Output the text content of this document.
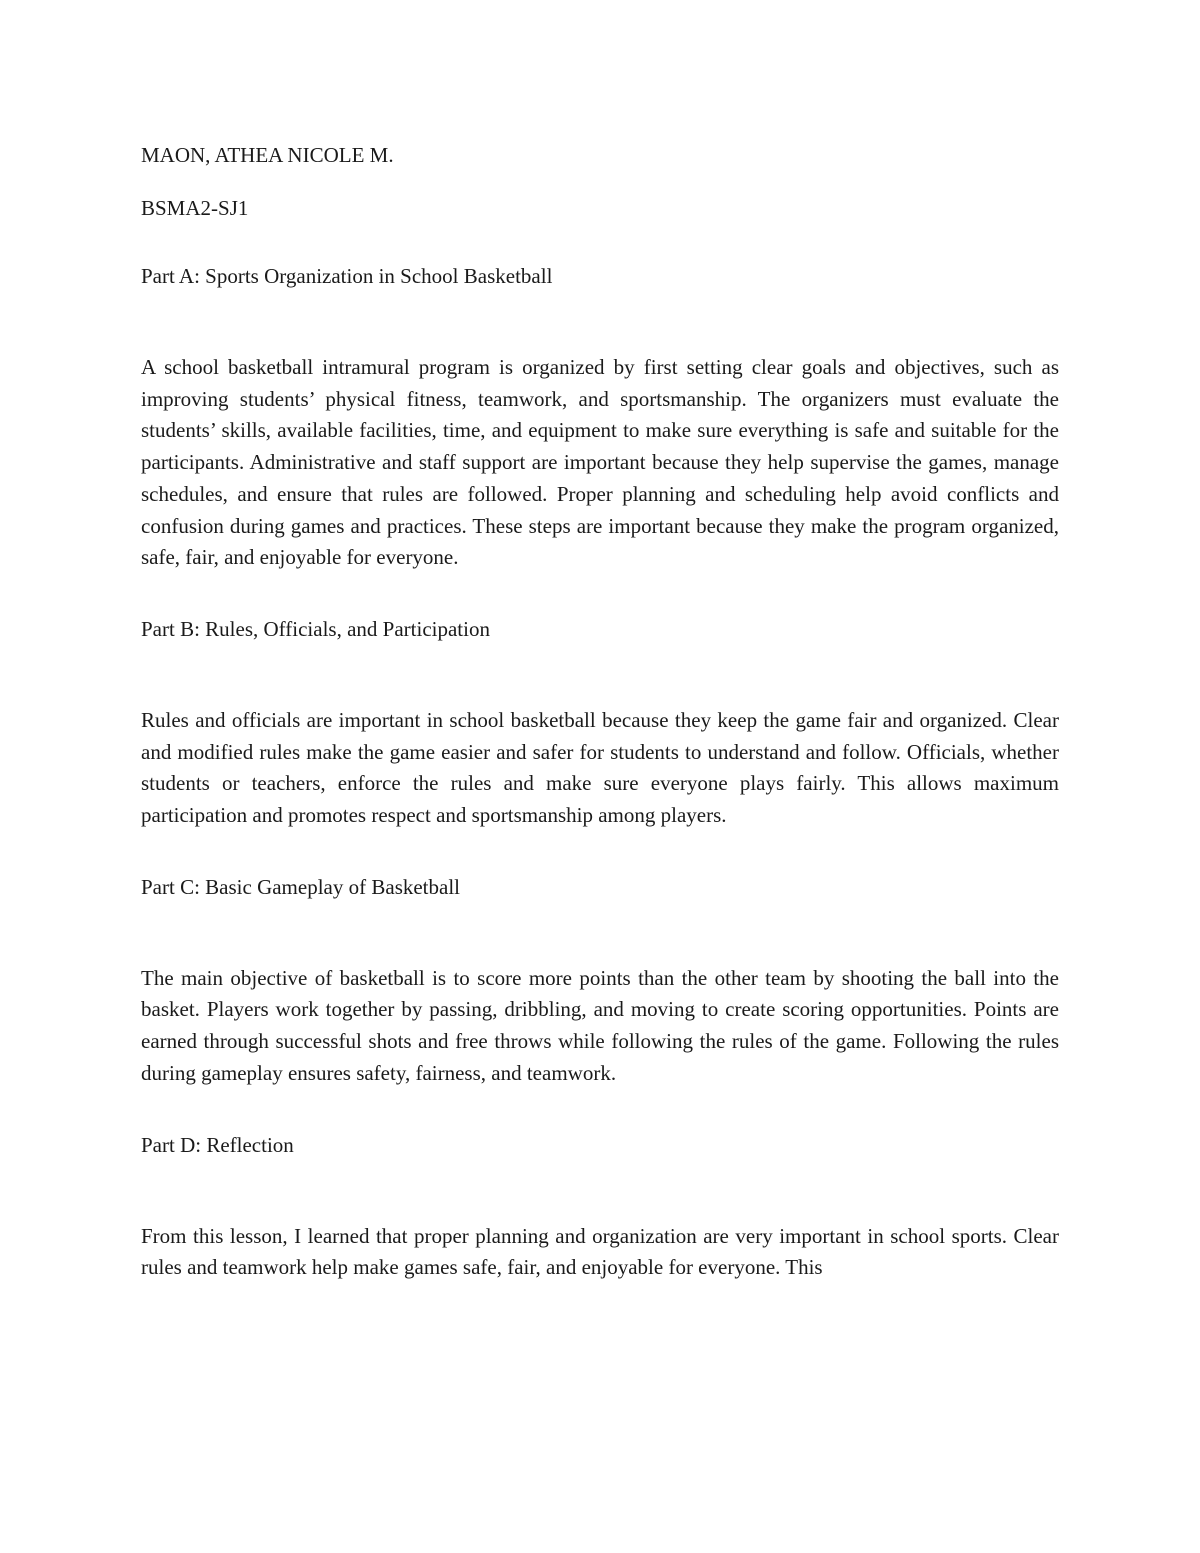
MAON, ATHEA NICOLE M.

BSMA2-SJ1

Part A: Sports Organization in School Basketball

A school basketball intramural program is organized by first setting clear goals and objectives, such as improving students’ physical fitness, teamwork, and sportsmanship. The organizers must evaluate the students’ skills, available facilities, time, and equipment to make sure everything is safe and suitable for the participants. Administrative and staff support are important because they help supervise the games, manage schedules, and ensure that rules are followed. Proper planning and scheduling help avoid conflicts and confusion during games and practices. These steps are important because they make the program organized, safe, fair, and enjoyable for everyone.

Part B: Rules, Officials, and Participation

Rules and officials are important in school basketball because they keep the game fair and organized. Clear and modified rules make the game easier and safer for students to understand and follow. Officials, whether students or teachers, enforce the rules and make sure everyone plays fairly. This allows maximum participation and promotes respect and sportsmanship among players.

Part C: Basic Gameplay of Basketball

The main objective of basketball is to score more points than the other team by shooting the ball into the basket. Players work together by passing, dribbling, and moving to create scoring opportunities. Points are earned through successful shots and free throws while following the rules of the game. Following the rules during gameplay ensures safety, fairness, and teamwork.

Part D: Reflection

From this lesson, I learned that proper planning and organization are very important in school sports. Clear rules and teamwork help make games safe, fair, and enjoyable for everyone. This
